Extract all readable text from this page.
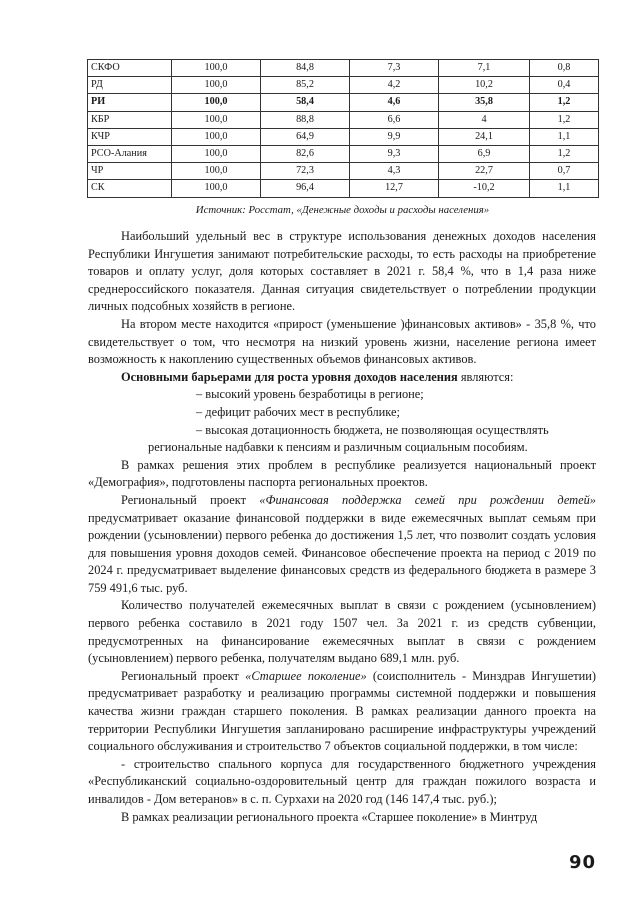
СКФО	100,0	84,8	7,3	7,1	0,8
РД	100,0	85,2	4,2	10,2	0,4
РИ	100,0	58,4	4,6	35,8	1,2
КБР	100,0	88,8	6,6	4	1,2
КЧР	100,0	64,9	9,9	24,1	1,1
РСО-Алания	100,0	82,6	9,3	6,9	1,2
ЧР	100,0	72,3	4,3	22,7	0,7
СК	100,0	96,4	12,7	-10,2	1,1
Источник: Росстат, «Денежные доходы и расходы населения»

Наибольший удельный вес в структуре использования денежных доходов населения Республики Ингушетия занимают потребительские расходы, то есть расходы на приобретение товаров и оплату услуг, доля которых составляет в 2021 г. 58,4 %, что в 1,4 раза ниже среднероссийского показателя. Данная ситуация свидетельствует о потреблении продукции личных подсобных хозяйств в регионе.

На втором месте находится «прирост (уменьшение )финансовых активов» - 35,8 %, что свидетельствует о том, что несмотря на низкий уровень жизни, население региона имеет возможность к накоплению существенных объемов финансовых активов.

Основными барьерами для роста уровня доходов населения являются:

– высокий уровень безработицы в регионе;

– дефицит рабочих мест в республике;

– высокая дотационность бюджета, не позволяющая осуществлять

региональные надбавки к пенсиям и различным социальным пособиям.

В рамках решения этих проблем в республике реализуется национальный проект «Демография», подготовлены паспорта региональных проектов.

Региональный проект «Финансовая поддержка семей при рождении детей» предусматривает оказание финансовой поддержки в виде ежемесячных выплат семьям при рождении (усыновлении) первого ребенка до достижения 1,5 лет, что позволит создать условия для повышения уровня доходов семей. Финансовое обеспечение проекта на период с 2019 по 2024 г. предусматривает выделение финансовых средств из федерального бюджета в размере 3 759 491,6 тыс. руб.

Количество получателей ежемесячных выплат в связи с рождением (усыновлением) первого ребенка составило в 2021 году 1507 чел. За 2021 г. из средств субвенции, предусмотренных на финансирование ежемесячных выплат в связи с рождением (усыновлением) первого ребенка, получателям выдано 689,1 млн. руб.

Региональный проект «Старшее поколение» (соисполнитель - Минздрав Ингушетии) предусматривает разработку и реализацию программы системной поддержки и повышения качества жизни граждан старшего поколения. В рамках реализации данного проекта на территории Республики Ингушетия запланировано расширение инфраструктуры учреждений социального обслуживания и строительство 7 объектов социальной поддержки, в том числе:

- строительство спального корпуса для государственного бюджетного учреждения «Республиканский социально-оздоровительный центр для граждан пожилого возраста и инвалидов - Дом ветеранов» в с. п. Сурхахи на 2020 год (146 147,4 тыс. руб.);

В рамках реализации регионального проекта «Старшее поколение» в Минтруд

90
